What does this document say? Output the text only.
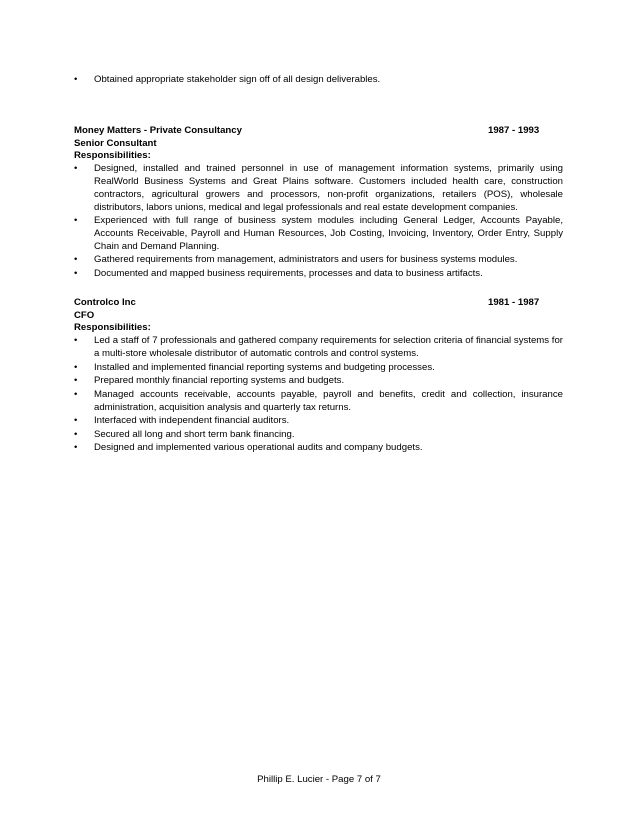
•	Obtained appropriate stakeholder sign off of all design deliverables.
Money Matters - Private Consultancy	1987 - 1993
Senior Consultant
Responsibilities:
•	Designed, installed and trained personnel in use of management information systems, primarily using RealWorld Business Systems and Great Plains software. Customers included health care, construction contractors, agricultural growers and processors, non-profit organizations, retailers (POS), wholesale distributors, labors unions, medical and legal professionals and real estate development companies.
•	Experienced with full range of business system modules including General Ledger, Accounts Payable, Accounts Receivable, Payroll and Human Resources, Job Costing, Invoicing, Inventory, Order Entry, Supply Chain and Demand Planning.
•	Gathered requirements from management, administrators and users for business systems modules.
•	Documented and mapped business requirements, processes and data to business artifacts.
Controlco Inc	1981 - 1987
CFO
Responsibilities:
•	Led a staff of 7 professionals and gathered company requirements for selection criteria of financial systems for a multi-store wholesale distributor of automatic controls and control systems.
•	Installed and implemented financial reporting systems and budgeting processes.
•	Prepared monthly financial reporting systems and budgets.
•	Managed accounts receivable, accounts payable, payroll and benefits, credit and collection, insurance administration, acquisition analysis and quarterly tax returns.
•	Interfaced with independent financial auditors.
•	Secured all long and short term bank financing.
•	Designed and implemented various operational audits and company budgets.
Phillip E. Lucier - Page 7 of 7
